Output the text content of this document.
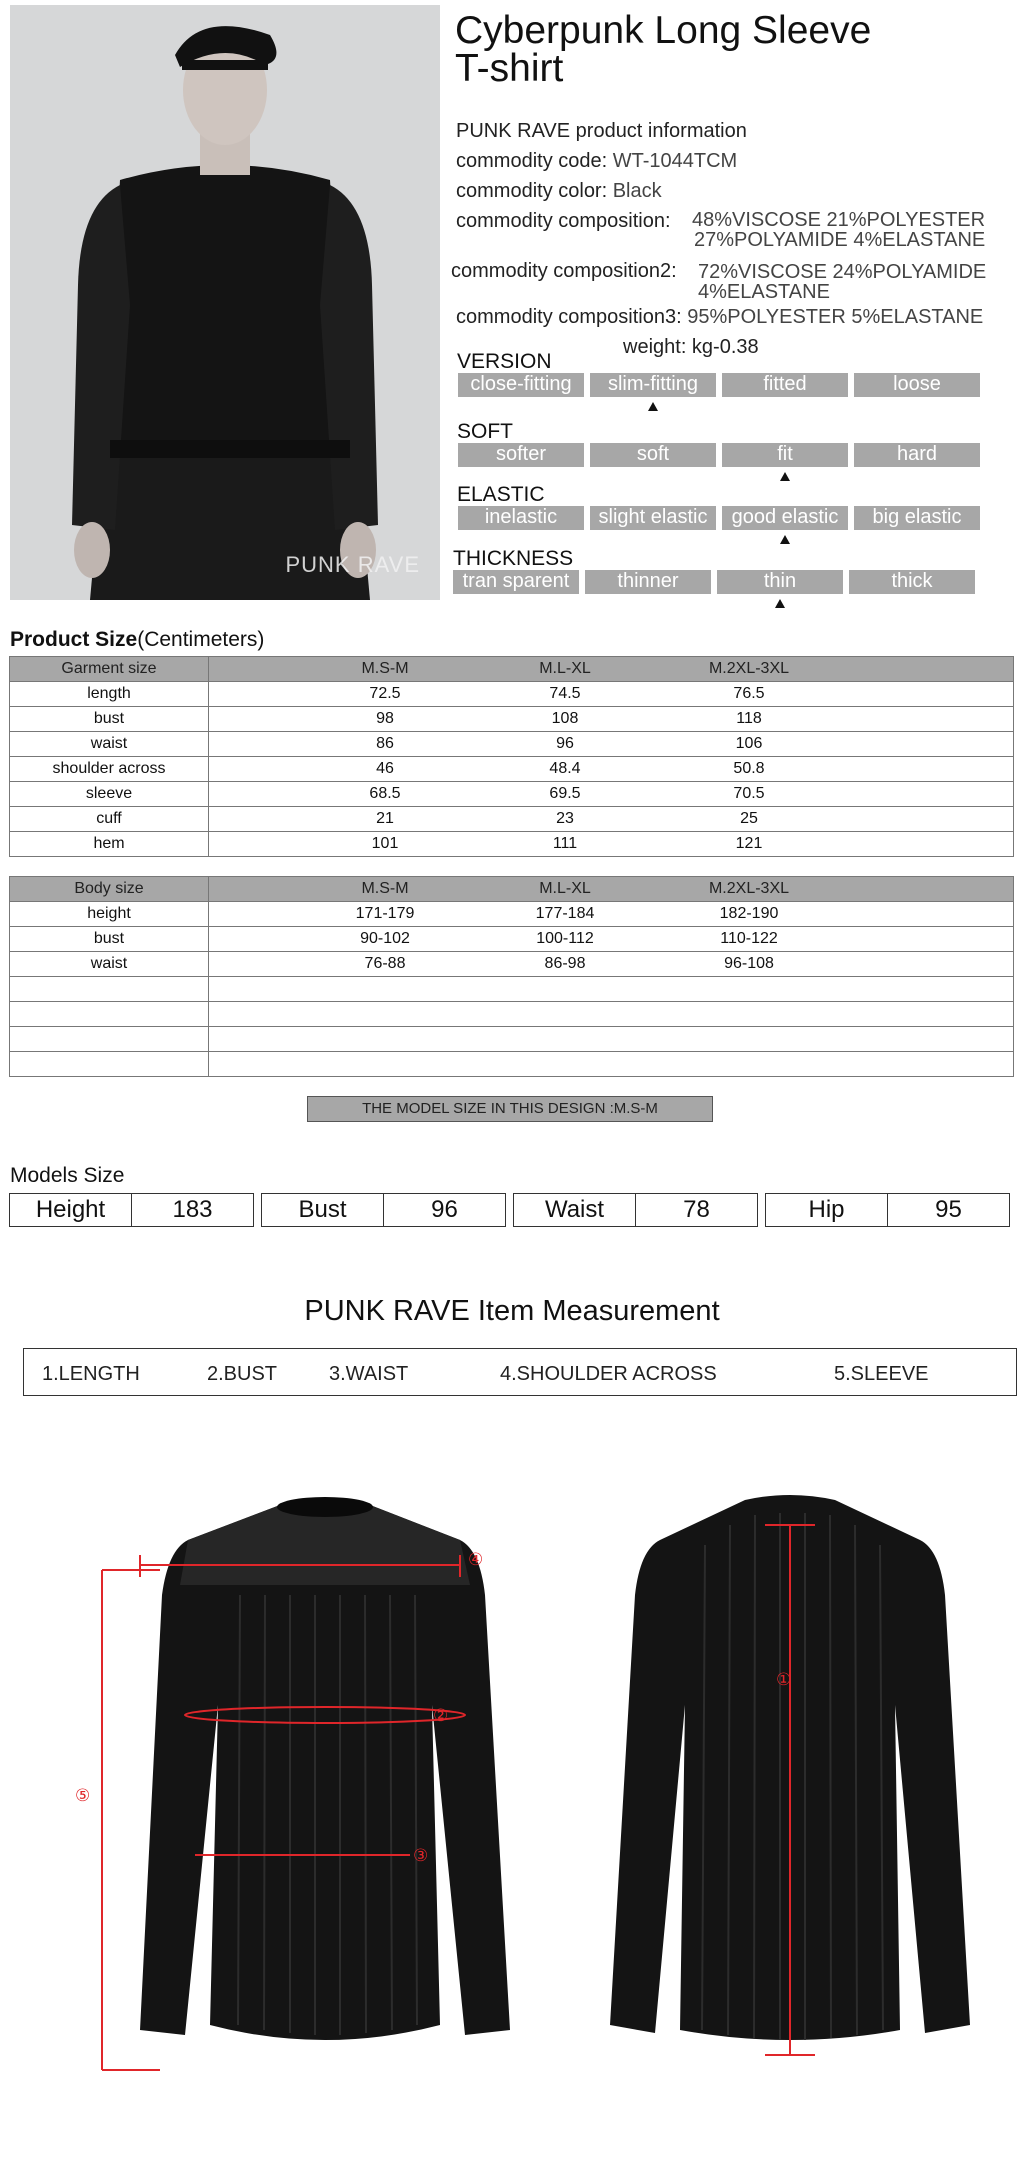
PUNK RAVE
Cyberpunk Long Sleeve
T-shirt
PUNK RAVE product information
commodity code: WT-1044TCM
commodity color: Black
commodity composition: 48%VISCOSE 21%POLYESTER
27%POLYAMIDE 4%ELASTANE
commodity composition2: 72%VISCOSE 24%POLYAMIDE
4%ELASTANE
commodity composition3: 95%POLYESTER 5%ELASTANE
weight: kg-0.38
VERSION
close-fitting	slim-fitting	fitted	loose
SOFT
softer	soft	fit	hard
ELASTIC
inelastic	slight elastic	good elastic	big elastic
THICKNESS
tran sparent	thinner	thin	thick
Product Size(Centimeters)
Garment size	M.S-M M.L-XL M.2XL-3XL

length	72.5 74.5 76.5

bust	98 108 118

waist	86 96 106

shoulder across	46 48.4 50.8

sleeve	68.5 69.5 70.5

cuff	21 23 25

hem	101 111 121
Body size	M.S-M M.L-XL M.2XL-3XL

height	171-179 177-184 182-190

bust	90-102 100-112 110-122

waist	76-88 86-98 96-108

THE MODEL SIZE IN THIS DESIGN :M.S-M
Models Size
Height	183	Bust	96	Waist	78	Hip	95
PUNK RAVE Item Measurement
1.LENGTH	2.BUST	3.WAIST	4.SHOULDER ACROSS	5.SLEEVE
④
②
③
⑤
①
